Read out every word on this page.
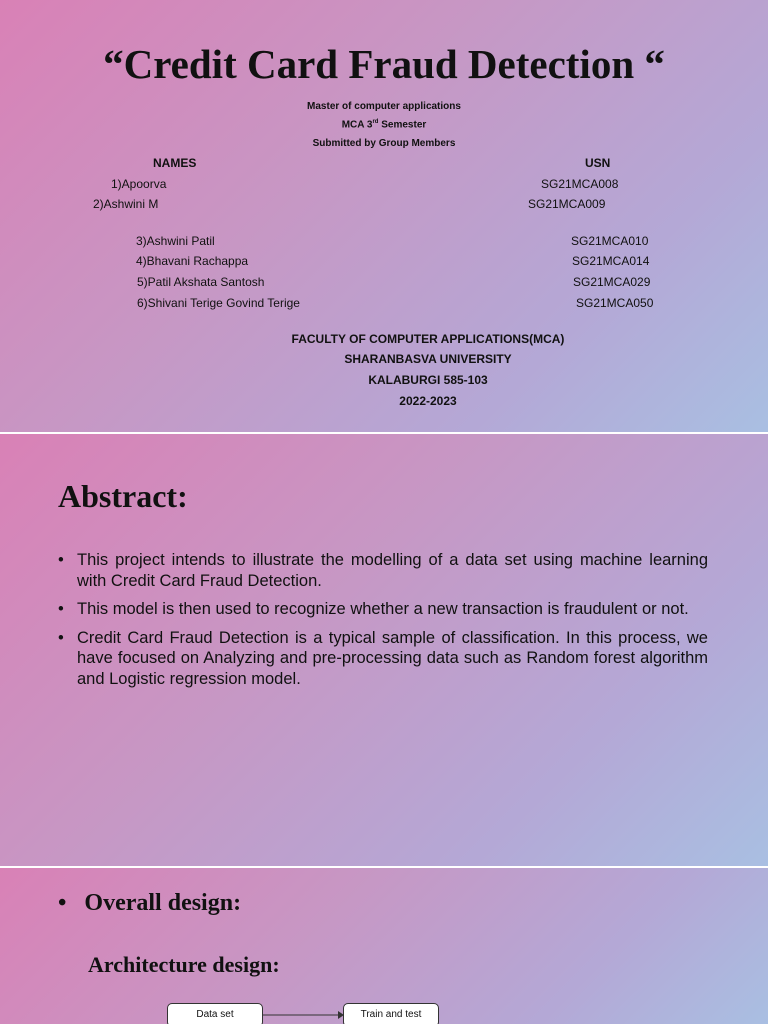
“Credit Card Fraud Detection “
Master of computer applications
MCA 3rd Semester
Submitted by Group Members
NAMES	USN
1)Apoorva	SG21MCA008
2)Ashwini M	SG21MCA009
3)Ashwini Patil	SG21MCA010
4)Bhavani Rachappa	SG21MCA014
5)Patil Akshata Santosh	SG21MCA029
6)Shivani Terige Govind Terige	SG21MCA050
FACULTY OF COMPUTER APPLICATIONS(MCA)
SHARANBASVA UNIVERSITY
KALABURGI 585-103
2022-2023
Abstract:
• This project intends to illustrate the modelling of a data set using machine learning with Credit Card Fraud Detection.
• This model is then used to recognize whether a new transaction is fraudulent or not.
• Credit Card Fraud Detection is a typical sample of classification. In this process, we have focused on Analyzing and pre-processing data such as Random forest algorithm and Logistic regression model.
• Overall design:
Architecture design:
Data set	Train and test
